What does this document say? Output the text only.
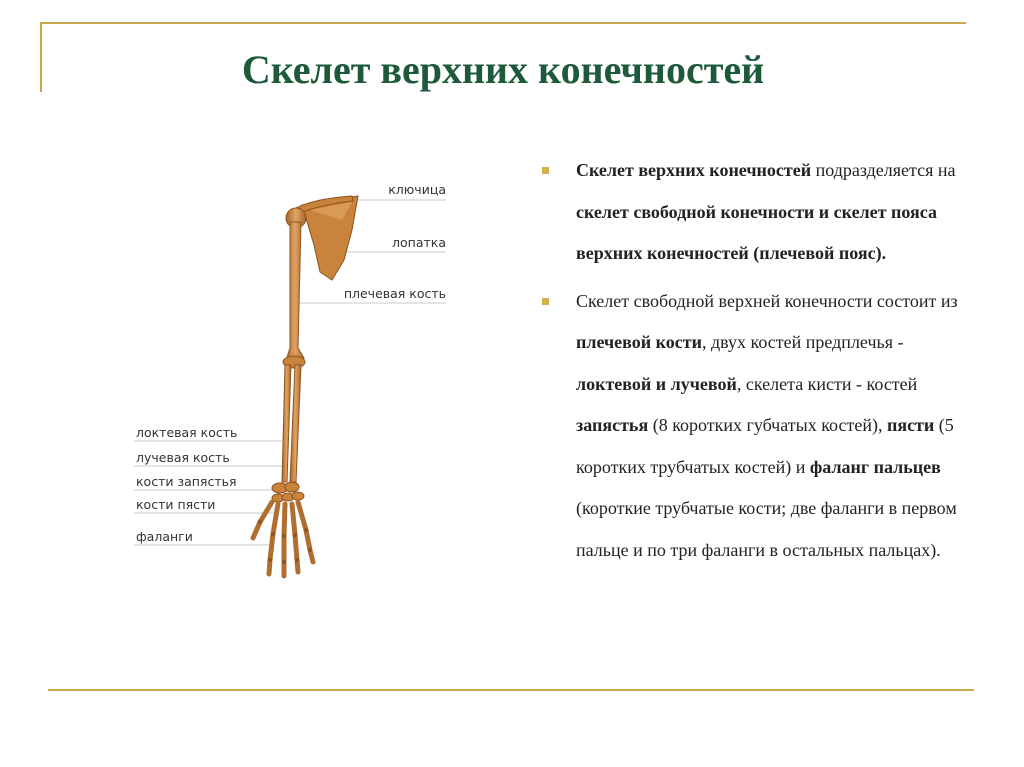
Скелет верхних конечностей
ключица
лопатка
плечевая кость
локтевая кость
лучевая кость
кости запястья
кости пясти
фаланги

Скелет верхних конечностей подразделяется на скелет свободной конечности и скелет пояса верхних конечностей (плечевой пояс).

Скелет свободной верхней конечности состоит из плечевой кости, двух костей предплечья - локтевой и лучевой, скелета кисти - костей запястья (8 коротких губчатых костей), пясти (5 коротких трубчатых костей) и фаланг пальцев (короткие трубчатые кости; две фаланги в первом пальце и по три фаланги в остальных пальцах).
